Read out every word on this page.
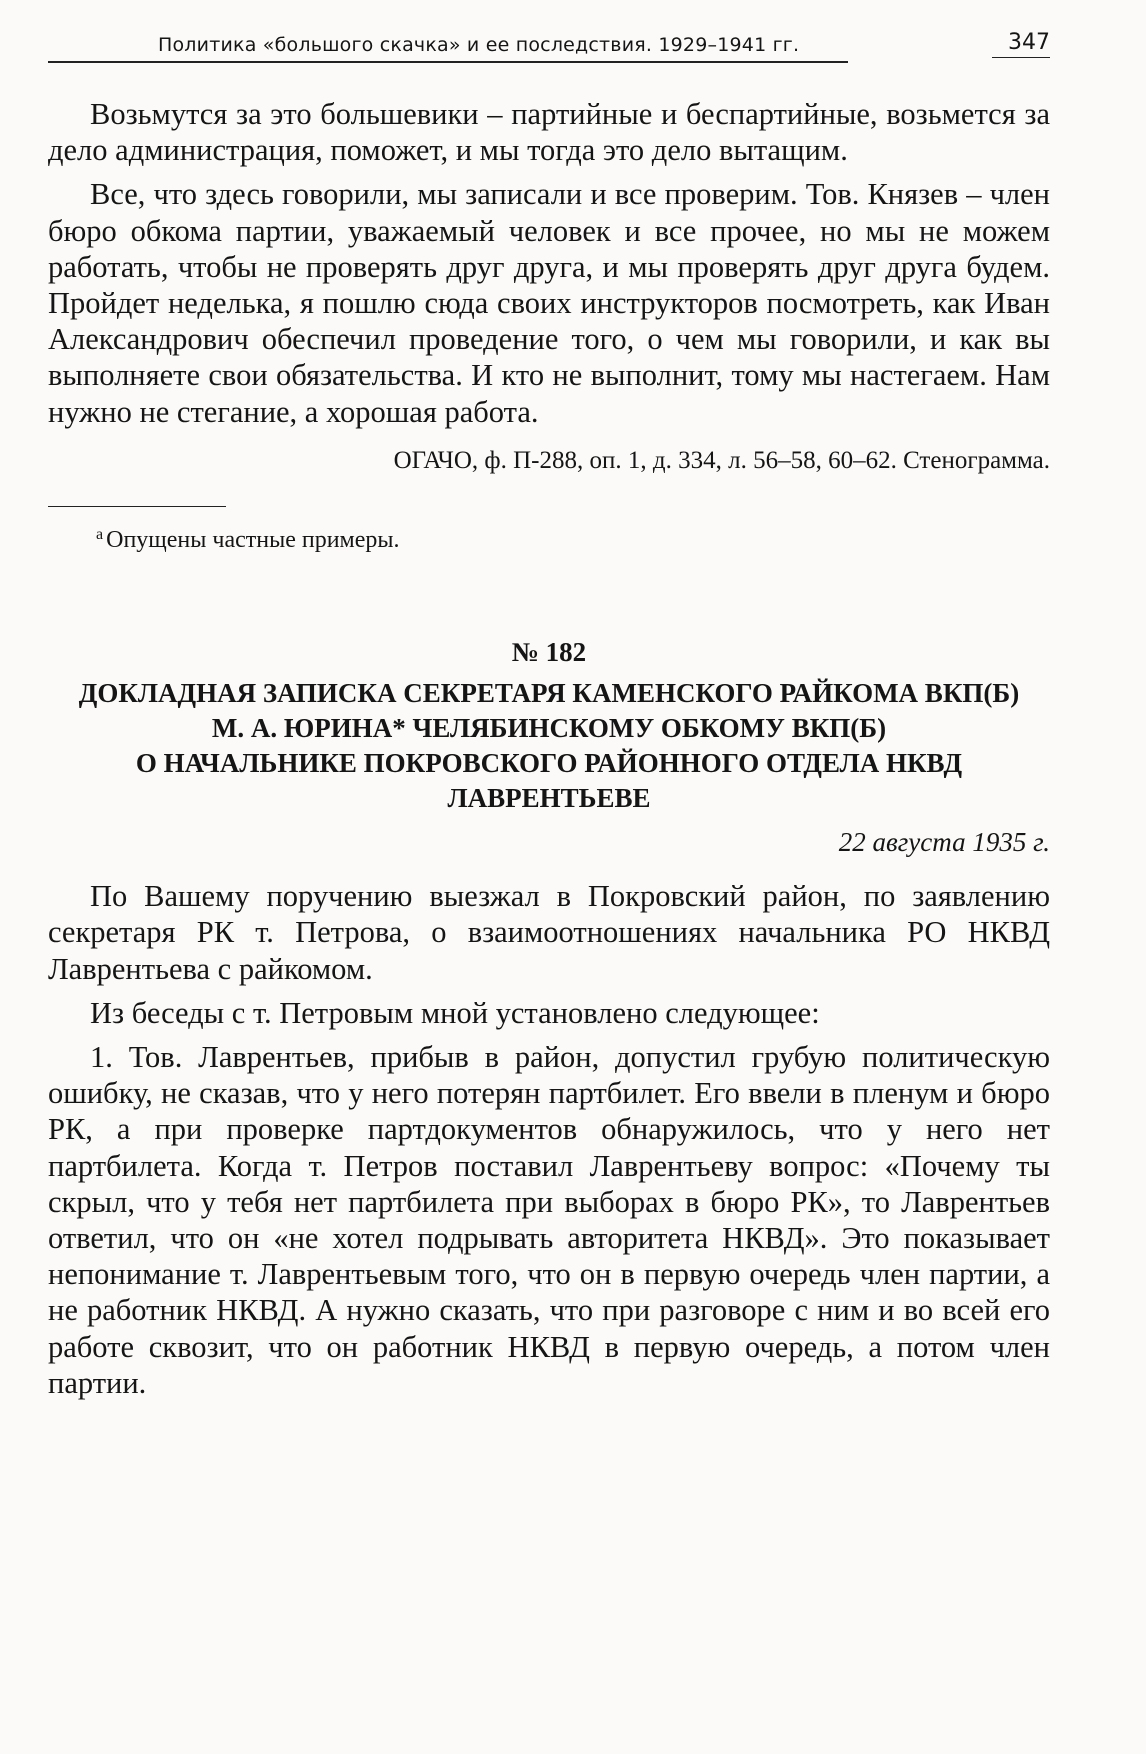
Политика «большого скачка» и ее последствия. 1929–1941 гг.	347

Возьмутся за это большевики – партийные и беспартийные, возьмется за дело администрация, поможет, и мы тогда это дело вытащим.

Все, что здесь говорили, мы записали и все проверим. Тов. Князев – член бюро обкома партии, уважаемый человек и все прочее, но мы не можем работать, чтобы не проверять друг друга, и мы проверять друг друга будем. Пройдет неделька, я пошлю сюда своих инструкторов посмотреть, как Иван Александрович обеспечил проведение того, о чем мы говорили, и как вы выполняете свои обязательства. И кто не выполнит, тому мы настегаем. Нам нужно не стегание, а хорошая работа.

ОГАЧО, ф. П-288, оп. 1, д. 334, л. 56–58, 60–62. Стенограмма.
$^а$ Опущены частные примеры.
№ 182
ДОКЛАДНАЯ ЗАПИСКА СЕКРЕТАРЯ КАМЕНСКОГО РАЙКОМА ВКП(Б)
М. А. ЮРИНА* ЧЕЛЯБИНСКОМУ ОБКОМУ ВКП(Б)
О НАЧАЛЬНИКЕ ПОКРОВСКОГО РАЙОННОГО ОТДЕЛА НКВД
ЛАВРЕНТЬЕВЕ
22 августа 1935 г.

По Вашему поручению выезжал в Покровский район, по заявлению секретаря РК т. Петрова, о взаимоотношениях начальника РО НКВД Лаврентьева с райкомом.

Из беседы с т. Петровым мной установлено следующее:

1. Тов. Лаврентьев, прибыв в район, допустил грубую политическую ошибку, не сказав, что у него потерян партбилет. Его ввели в пленум и бюро РК, а при проверке партдокументов обнаружилось, что у него нет партбилета. Когда т. Петров поставил Лаврентьеву вопрос: «Почему ты скрыл, что у тебя нет партбилета при выборах в бюро РК», то Лаврентьев ответил, что он «не хотел подрывать авторитета НКВД». Это показывает непонимание т. Лаврентьевым того, что он в первую очередь член партии, а не работник НКВД. А нужно сказать, что при разговоре с ним и во всей его работе сквозит, что он работник НКВД в первую очередь, а потом член партии.
